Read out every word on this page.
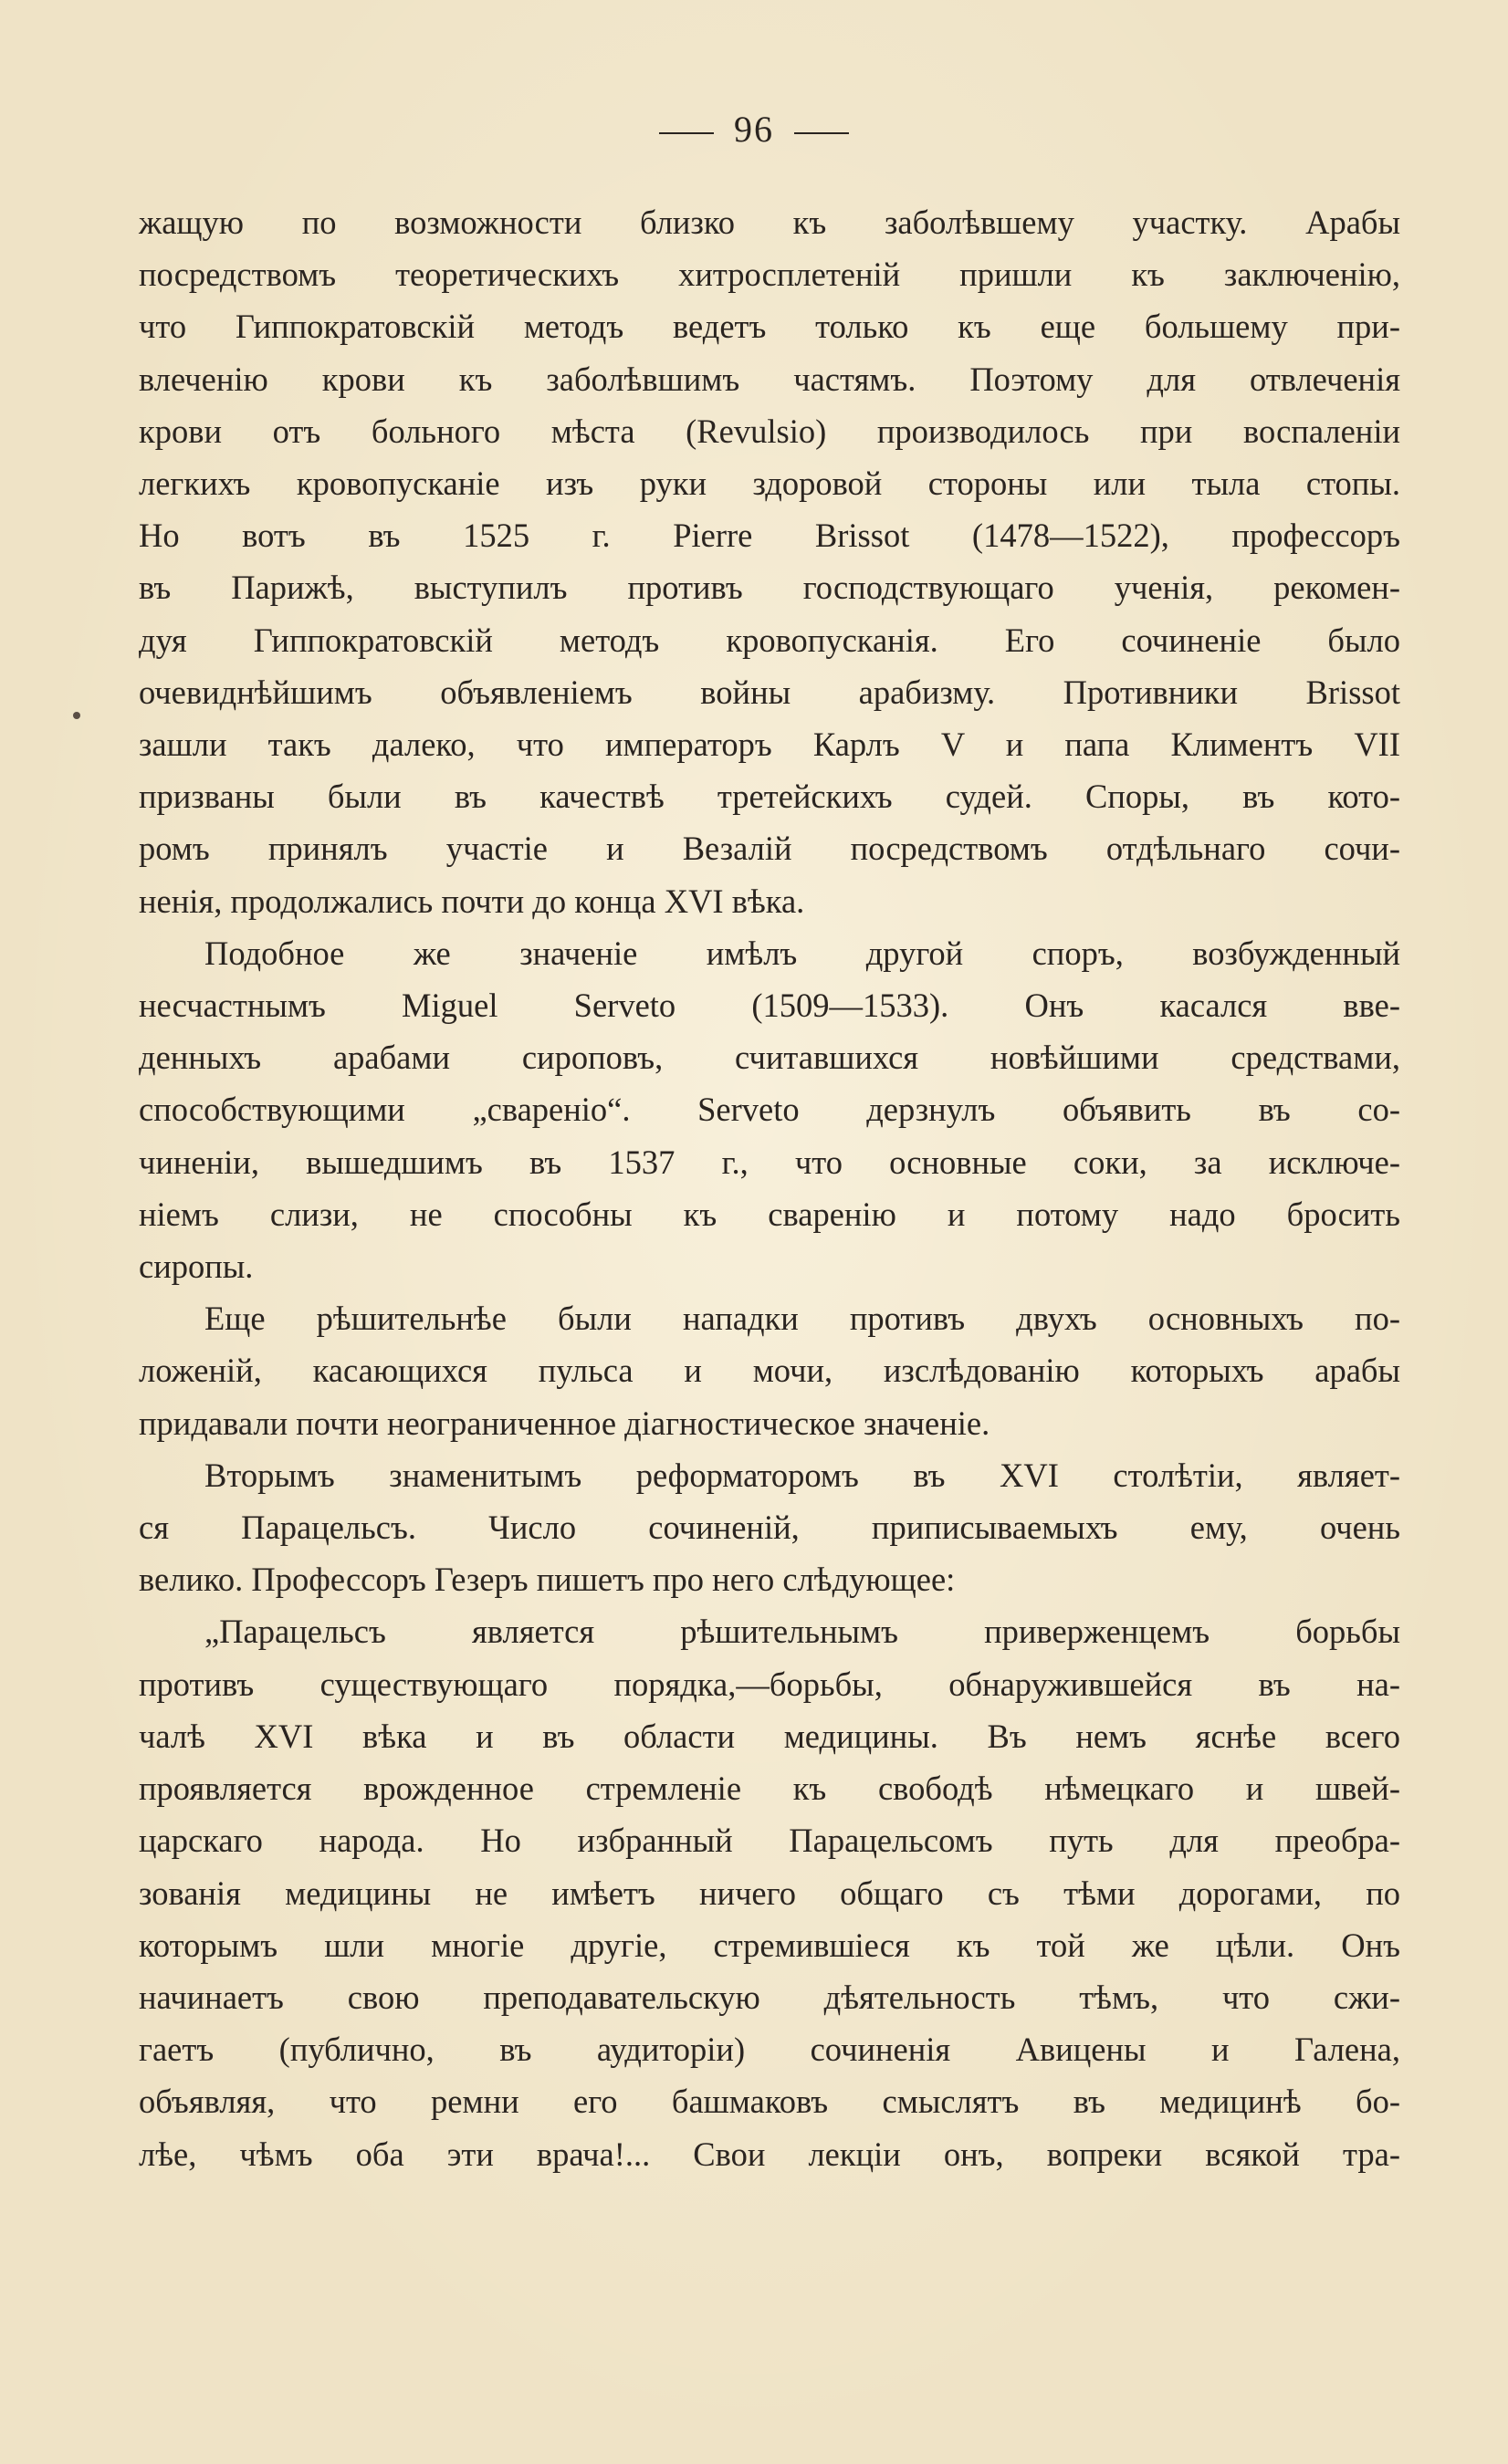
96
жащую по возможности близко къ заболѣвшему участку. Арабы
посредствомъ теоретическихъ хитросплетеній пришли къ заключенію,
что Гиппократовскій методъ ведетъ только къ еще большему при-
влеченію крови къ заболѣвшимъ частямъ. Поэтому для отвлеченія
крови отъ больного мѣста (Revulsio) производилось при воспаленіи
легкихъ кровопусканіе изъ руки здоровой стороны или тыла стопы.
Но вотъ въ 1525 г. Pierre Brissot (1478—1522), профессоръ
въ Парижѣ, выступилъ противъ господствующаго ученія, рекомен-
дуя Гиппократовскій методъ кровопусканія. Его сочиненіе было
очевиднѣйшимъ объявленіемъ войны арабизму. Противники Brissot
зашли такъ далеко, что императоръ Карлъ V и папа Климентъ VII
призваны были въ качествѣ третейскихъ судей. Споры, въ кото-
ромъ принялъ участіе и Везалій посредствомъ отдѣльнаго сочи-
ненія, продолжались почти до конца XVI вѣка.
Подобное же значеніе имѣлъ другой споръ, возбужденный
несчастнымъ Miguel Serveto (1509—1533). Онъ касался вве-
денныхъ арабами сироповъ, считавшихся новѣйшими средствами,
способствующими „свареніо“. Servetо дерзнулъ объявить въ со-
чиненіи, вышедшимъ въ 1537 г., что основные соки, за исключе-
ніемъ слизи, не способны къ сваренію и потому надо бросить
сиропы.
Еще рѣшительнѣе были нападки противъ двухъ основныхъ по-
ложеній, касающихся пульса и мочи, изслѣдованію которыхъ арабы
придавали почти неограниченное діагностическое значеніе.
Вторымъ знаменитымъ реформаторомъ въ XVI столѣтіи, являет-
ся Парацельсъ. Число сочиненій, приписываемыхъ ему, очень
велико. Профессоръ Гезеръ пишетъ про него слѣдующее:
„Парацельсъ является рѣшительнымъ приверженцемъ борьбы
противъ существующаго порядка,—борьбы, обнаружившейся въ на-
чалѣ XVI вѣка и въ области медицины. Въ немъ яснѣе всего
проявляется врожденное стремленіе къ свободѣ нѣмецкаго и швей-
царскаго народа. Но избранный Парацельсомъ путь для преобра-
зованія медицины не имѣетъ ничего общаго съ тѣми дорогами, по
которымъ шли многіе другіе, стремившіеся къ той же цѣли. Онъ
начинаетъ свою преподавательскую дѣятельность тѣмъ, что сжи-
гаетъ (публично, въ аудиторіи) сочиненія Авицены и Галена,
объявляя, что ремни его башмаковъ смыслятъ въ медицинѣ бо-
лѣе, чѣмъ оба эти врача!... Свои лекціи онъ, вопреки всякой тра-
